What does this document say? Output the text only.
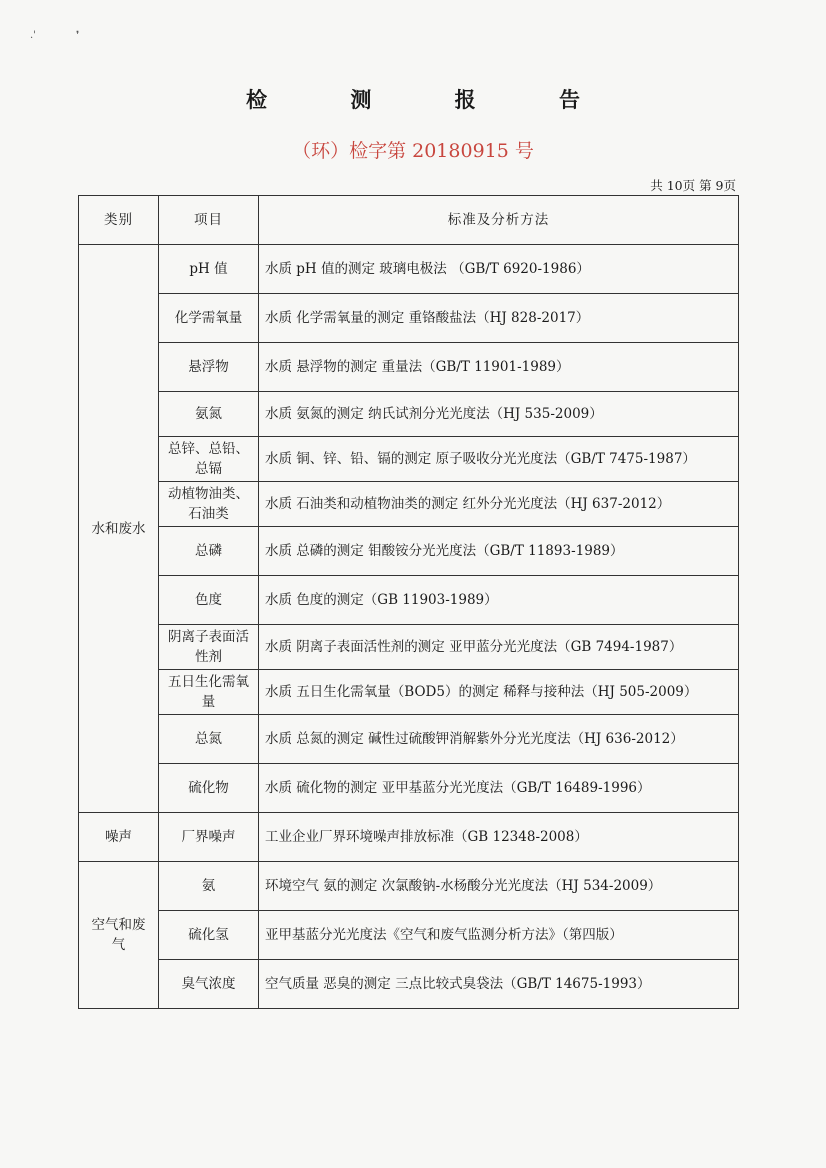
.'	❜
检 测 报 告
（环）检字第 20180915 号
共 10页 第 9页
类别	项目	标准及分析方法
水和废水	pH 值	水质 pH 值的测定 玻璃电极法 （GB/T 6920-1986）
	化学需氧量	水质 化学需氧量的测定 重铬酸盐法（HJ 828-2017）
	悬浮物	水质 悬浮物的测定 重量法（GB/T 11901-1989）
	氨氮	水质 氨氮的测定 纳氏试剂分光光度法（HJ 535-2009）
	总锌、总铅、总镉	水质 铜、锌、铅、镉的测定 原子吸收分光光度法（GB/T 7475-1987）
	动植物油类、石油类	水质 石油类和动植物油类的测定 红外分光光度法（HJ 637-2012）
	总磷	水质 总磷的测定 钼酸铵分光光度法（GB/T 11893-1989）
	色度	水质 色度的测定（GB 11903-1989）
	阴离子表面活性剂	水质 阴离子表面活性剂的测定 亚甲蓝分光光度法（GB 7494-1987）
	五日生化需氧量	水质 五日生化需氧量（BOD5）的测定 稀释与接种法（HJ 505-2009）
	总氮	水质 总氮的测定 碱性过硫酸钾消解紫外分光光度法（HJ 636-2012）
	硫化物	水质 硫化物的测定 亚甲基蓝分光光度法（GB/T 16489-1996）
噪声	厂界噪声	工业企业厂界环境噪声排放标准（GB 12348-2008）
空气和废气	氨	环境空气 氨的测定 次氯酸钠-水杨酸分光光度法（HJ 534-2009）
	硫化氢	亚甲基蓝分光光度法《空气和废气监测分析方法》（第四版）
	臭气浓度	空气质量 恶臭的测定 三点比较式臭袋法（GB/T 14675-1993）
